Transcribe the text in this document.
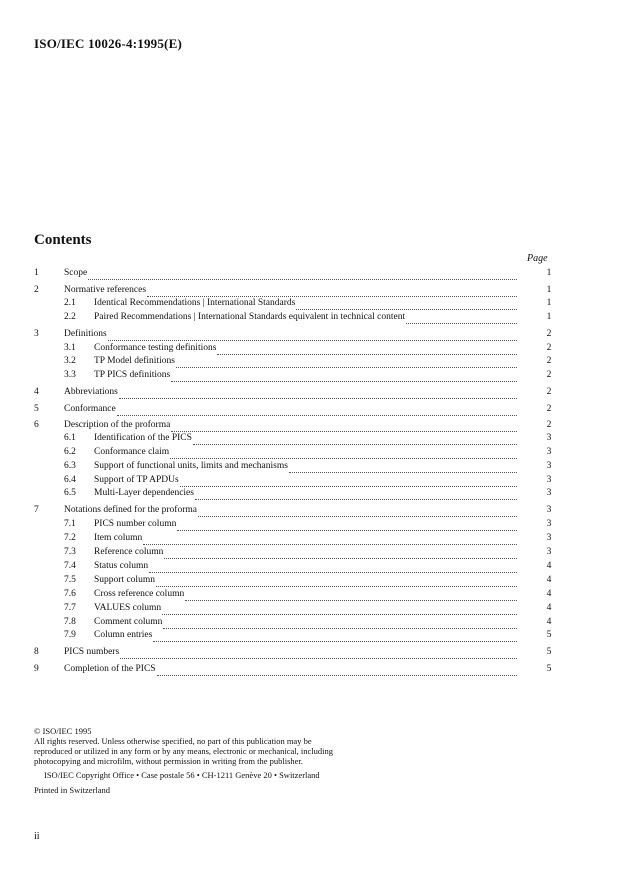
ISO/IEC 10026-4:1995(E)
Contents
Page
1	Scope	1
2	Normative references	1
2.1	Identical Recommendations | International Standards	1
2.2	Paired Recommendations | International Standards equivalent in technical content	1
3	Definitions	2
3.1	Conformance testing definitions	2
3.2	TP Model definitions	2
3.3	TP PICS definitions	2
4	Abbreviations	2
5	Conformance	2
6	Description of the proforma	2
6.1	Identification of the PICS	3
6.2	Conformance claim	3
6.3	Support of functional units, limits and mechanisms	3
6.4	Support of TP APDUs	3
6.5	Multi-Layer dependencies	3
7	Notations defined for the proforma	3
7.1	PICS number column	3
7.2	Item column	3
7.3	Reference column	3
7.4	Status column	4
7.5	Support column	4
7.6	Cross reference column	4
7.7	VALUES column	4
7.8	Comment column	4
7.9	Column entries	5
8	PICS numbers	5
9	Completion of the PICS	5
© ISO/IEC 1995
All rights reserved. Unless otherwise specified, no part of this publication may be
reproduced or utilized in any form or by any means, electronic or mechanical, including
photocopying and microfilm, without permission in writing from the publisher.
ISO/IEC Copyright Office • Case postale 56 • CH-1211 Genève 20 • Switzerland
Printed in Switzerland
ii
